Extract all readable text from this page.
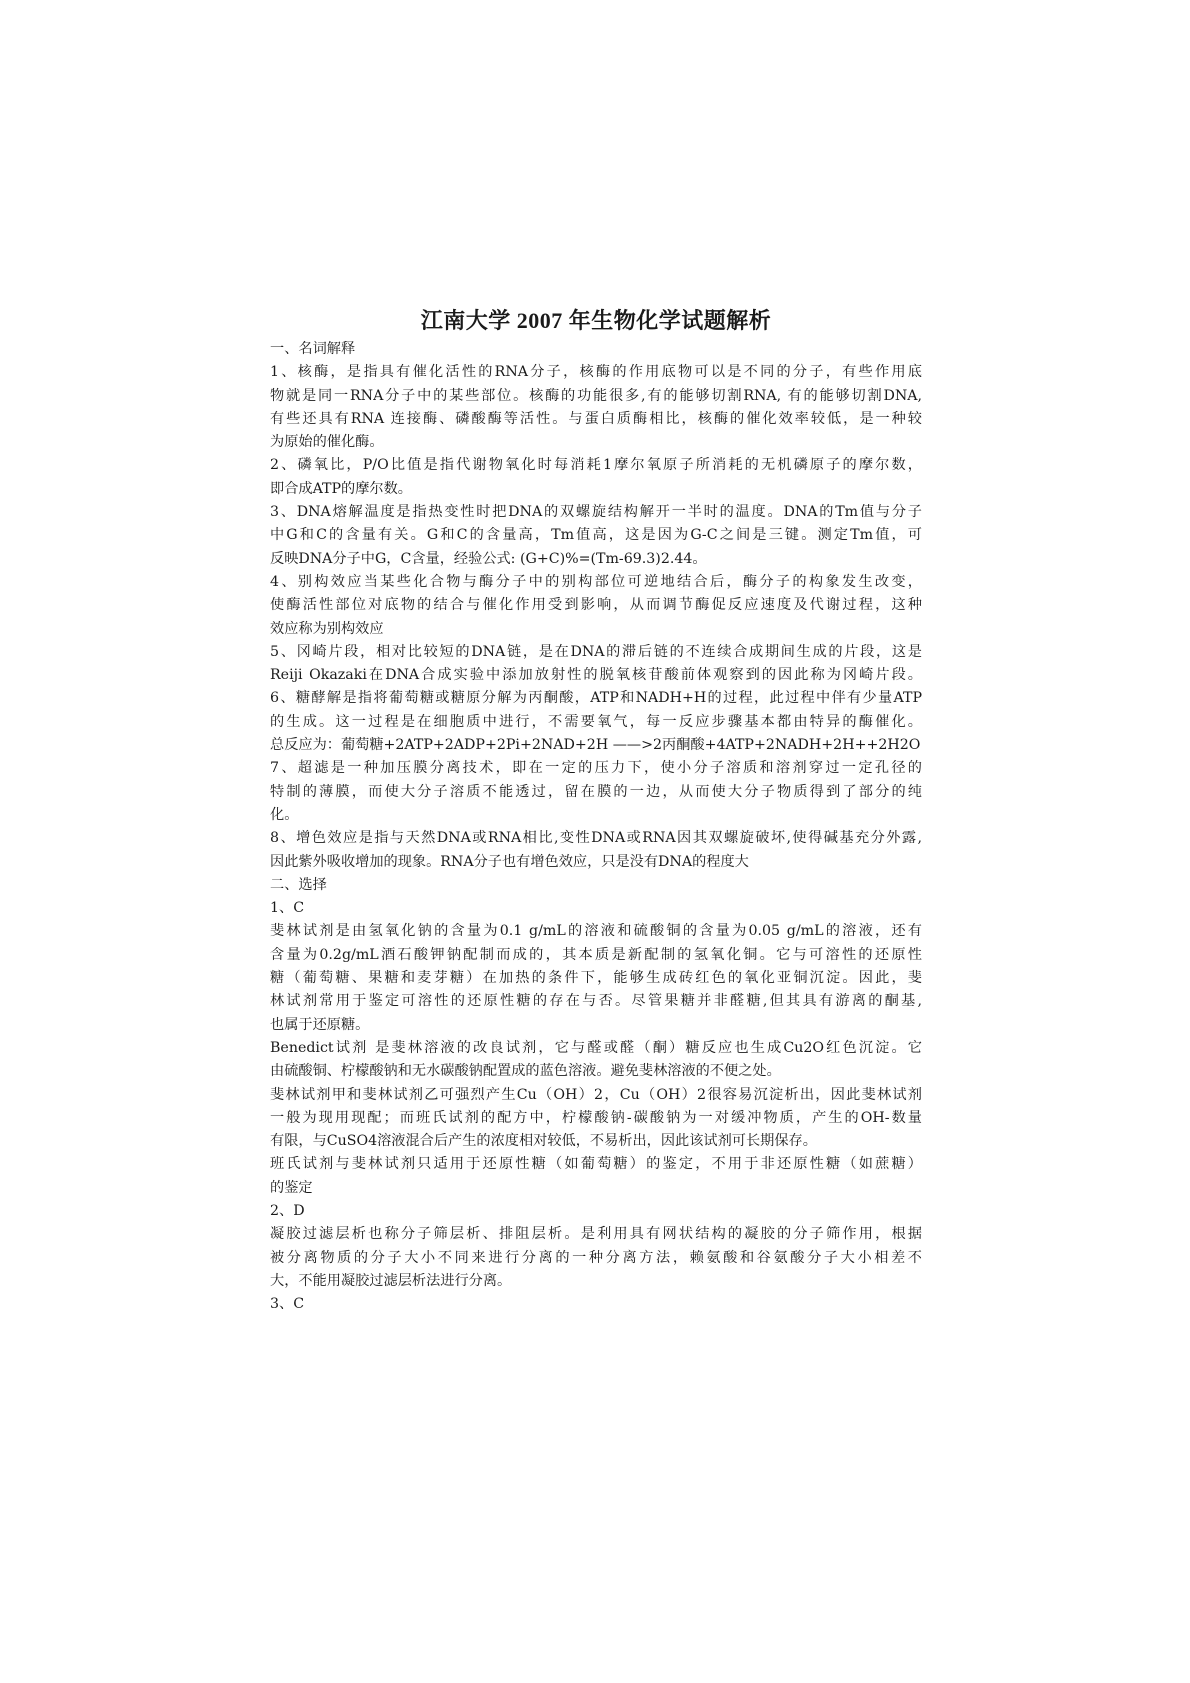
江南大学 2007 年生物化学试题解析
一、名词解释
1、核酶，是指具有催化活性的RNA分子，核酶的作用底物可以是不同的分子，有些作用底
物就是同一RNA分子中的某些部位。核酶的功能很多,有的能够切割RNA, 有的能够切割DNA,
有些还具有RNA 连接酶、磷酸酶等活性。与蛋白质酶相比，核酶的催化效率较低，是一种较
为原始的催化酶。
2、磷氧比，P/O比值是指代谢物氧化时每消耗1摩尔氧原子所消耗的无机磷原子的摩尔数，
即合成ATP的摩尔数。
3、DNA熔解温度是指热变性时把DNA的双螺旋结构解开一半时的温度。DNA的Tm值与分子
中G和C的含量有关。G和C的含量高，Tm值高，这是因为G-C之间是三键。测定Tm值，可
反映DNA分子中G，C含量，经验公式: (G+C)%=(Tm-69.3)2.44。
4、别构效应当某些化合物与酶分子中的别构部位可逆地结合后，酶分子的构象发生改变，
使酶活性部位对底物的结合与催化作用受到影响，从而调节酶促反应速度及代谢过程，这种
效应称为别构效应
5、冈崎片段，相对比较短的DNA链，是在DNA的滞后链的不连续合成期间生成的片段，这是
Reiji Okazaki在DNA合成实验中添加放射性的脱氧核苷酸前体观察到的因此称为冈崎片段。
6、糖酵解是指将葡萄糖或糖原分解为丙酮酸，ATP和NADH+H的过程，此过程中伴有少量ATP
的生成。这一过程是在细胞质中进行，不需要氧气，每一反应步骤基本都由特异的酶催化。
总反应为：葡萄糖+2ATP+2ADP+2Pi+2NAD+2H ——>2丙酮酸+4ATP+2NADH+2H++2H2O
7、超滤是一种加压膜分离技术，即在一定的压力下，使小分子溶质和溶剂穿过一定孔径的
特制的薄膜，而使大分子溶质不能透过，留在膜的一边，从而使大分子物质得到了部分的纯
化。
8、增色效应是指与天然DNA或RNA相比,变性DNA或RNA因其双螺旋破坏,使得碱基充分外露,
因此紫外吸收增加的现象。RNA分子也有增色效应，只是没有DNA的程度大
二、选择
1、C
斐林试剂是由氢氧化钠的含量为0.1 g/mL的溶液和硫酸铜的含量为0.05 g/mL的溶液，还有
含量为0.2g/mL酒石酸钾钠配制而成的，其本质是新配制的氢氧化铜。它与可溶性的还原性
糖（葡萄糖、果糖和麦芽糖）在加热的条件下，能够生成砖红色的氧化亚铜沉淀。因此，斐
林试剂常用于鉴定可溶性的还原性糖的存在与否。尽管果糖并非醛糖,但其具有游离的酮基,
也属于还原糖。
Benedict试剂 是斐林溶液的改良试剂，它与醛或醛（酮）糖反应也生成Cu2O红色沉淀。它
由硫酸铜、柠檬酸钠和无水碳酸钠配置成的蓝色溶液。避免斐林溶液的不便之处。
斐林试剂甲和斐林试剂乙可强烈产生Cu（OH）2，Cu（OH）2很容易沉淀析出，因此斐林试剂
一般为现用现配；而班氏试剂的配方中，柠檬酸钠-碳酸钠为一对缓冲物质，产生的OH-数量
有限，与CuSO4溶液混合后产生的浓度相对较低，不易析出，因此该试剂可长期保存。
班氏试剂与斐林试剂只适用于还原性糖（如葡萄糖）的鉴定，不用于非还原性糖（如蔗糖）
的鉴定
2、D
凝胶过滤层析也称分子筛层析、排阻层析。是利用具有网状结构的凝胶的分子筛作用，根据
被分离物质的分子大小不同来进行分离的一种分离方法，赖氨酸和谷氨酸分子大小相差不
大，不能用凝胶过滤层析法进行分离。
3、C
